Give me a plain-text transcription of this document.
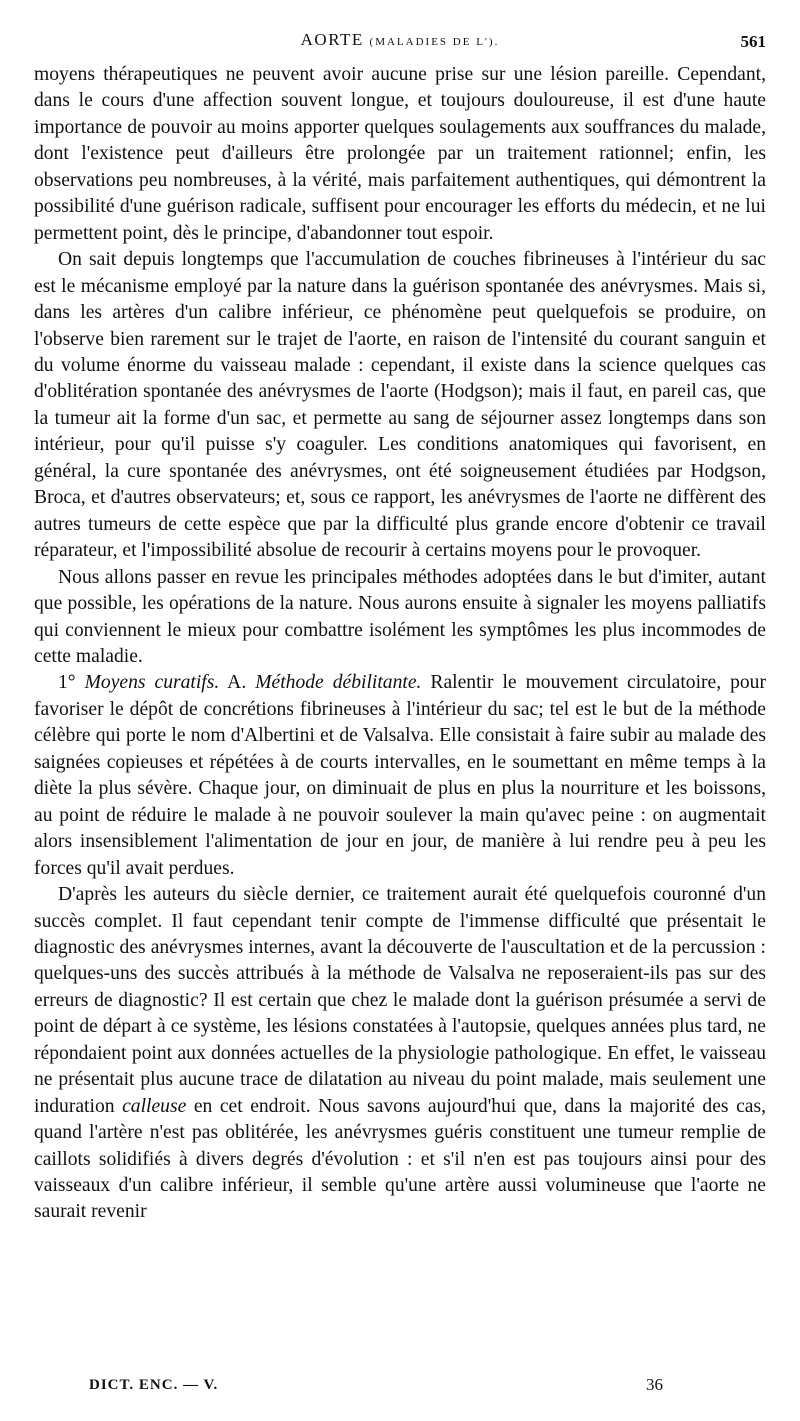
AORTE (MALADIES DE L').	561

moyens thérapeutiques ne peuvent avoir aucune prise sur une lésion pareille. Cependant, dans le cours d'une affection souvent longue, et toujours douloureuse, il est d'une haute importance de pouvoir au moins apporter quelques soulagements aux souffrances du malade, dont l'existence peut d'ailleurs être prolongée par un traitement rationnel; enfin, les observations peu nombreuses, à la vérité, mais parfaitement authentiques, qui démontrent la possibilité d'une guérison radicale, suffisent pour encourager les efforts du médecin, et ne lui permettent point, dès le principe, d'abandonner tout espoir.

On sait depuis longtemps que l'accumulation de couches fibrineuses à l'intérieur du sac est le mécanisme employé par la nature dans la guérison spontanée des anévrysmes. Mais si, dans les artères d'un calibre inférieur, ce phénomène peut quelquefois se produire, on l'observe bien rarement sur le trajet de l'aorte, en raison de l'intensité du courant sanguin et du volume énorme du vaisseau malade : cependant, il existe dans la science quelques cas d'oblitération spontanée des anévrysmes de l'aorte (Hodgson); mais il faut, en pareil cas, que la tumeur ait la forme d'un sac, et permette au sang de séjourner assez longtemps dans son intérieur, pour qu'il puisse s'y coaguler. Les conditions anatomiques qui favorisent, en général, la cure spontanée des anévrysmes, ont été soigneusement étudiées par Hodgson, Broca, et d'autres observateurs; et, sous ce rapport, les anévrysmes de l'aorte ne diffèrent des autres tumeurs de cette espèce que par la difficulté plus grande encore d'obtenir ce travail réparateur, et l'impossibilité absolue de recourir à certains moyens pour le provoquer.

Nous allons passer en revue les principales méthodes adoptées dans le but d'imiter, autant que possible, les opérations de la nature. Nous aurons ensuite à signaler les moyens palliatifs qui conviennent le mieux pour combattre isolément les symptômes les plus incommodes de cette maladie.

1° Moyens curatifs. A. Méthode débilitante. Ralentir le mouvement circulatoire, pour favoriser le dépôt de concrétions fibrineuses à l'intérieur du sac; tel est le but de la méthode célèbre qui porte le nom d'Albertini et de Valsalva. Elle consistait à faire subir au malade des saignées copieuses et répétées à de courts intervalles, en le soumettant en même temps à la diète la plus sévère. Chaque jour, on diminuait de plus en plus la nourriture et les boissons, au point de réduire le malade à ne pouvoir soulever la main qu'avec peine : on augmentait alors insensiblement l'alimentation de jour en jour, de manière à lui rendre peu à peu les forces qu'il avait perdues.

D'après les auteurs du siècle dernier, ce traitement aurait été quelquefois couronné d'un succès complet. Il faut cependant tenir compte de l'immense difficulté que présentait le diagnostic des anévrysmes internes, avant la découverte de l'auscultation et de la percussion : quelques-uns des succès attribués à la méthode de Valsalva ne reposeraient-ils pas sur des erreurs de diagnostic? Il est certain que chez le malade dont la guérison présumée a servi de point de départ à ce système, les lésions constatées à l'autopsie, quelques années plus tard, ne répondaient point aux données actuelles de la physiologie pathologique. En effet, le vaisseau ne présentait plus aucune trace de dilatation au niveau du point malade, mais seulement une induration calleuse en cet endroit. Nous savons aujourd'hui que, dans la majorité des cas, quand l'artère n'est pas oblitérée, les anévrysmes guéris constituent une tumeur remplie de caillots solidifiés à divers degrés d'évolution : et s'il n'en est pas toujours ainsi pour des vaisseaux d'un calibre inférieur, il semble qu'une artère aussi volumineuse que l'aorte ne saurait revenir

DICT. ENC. — V.	36
